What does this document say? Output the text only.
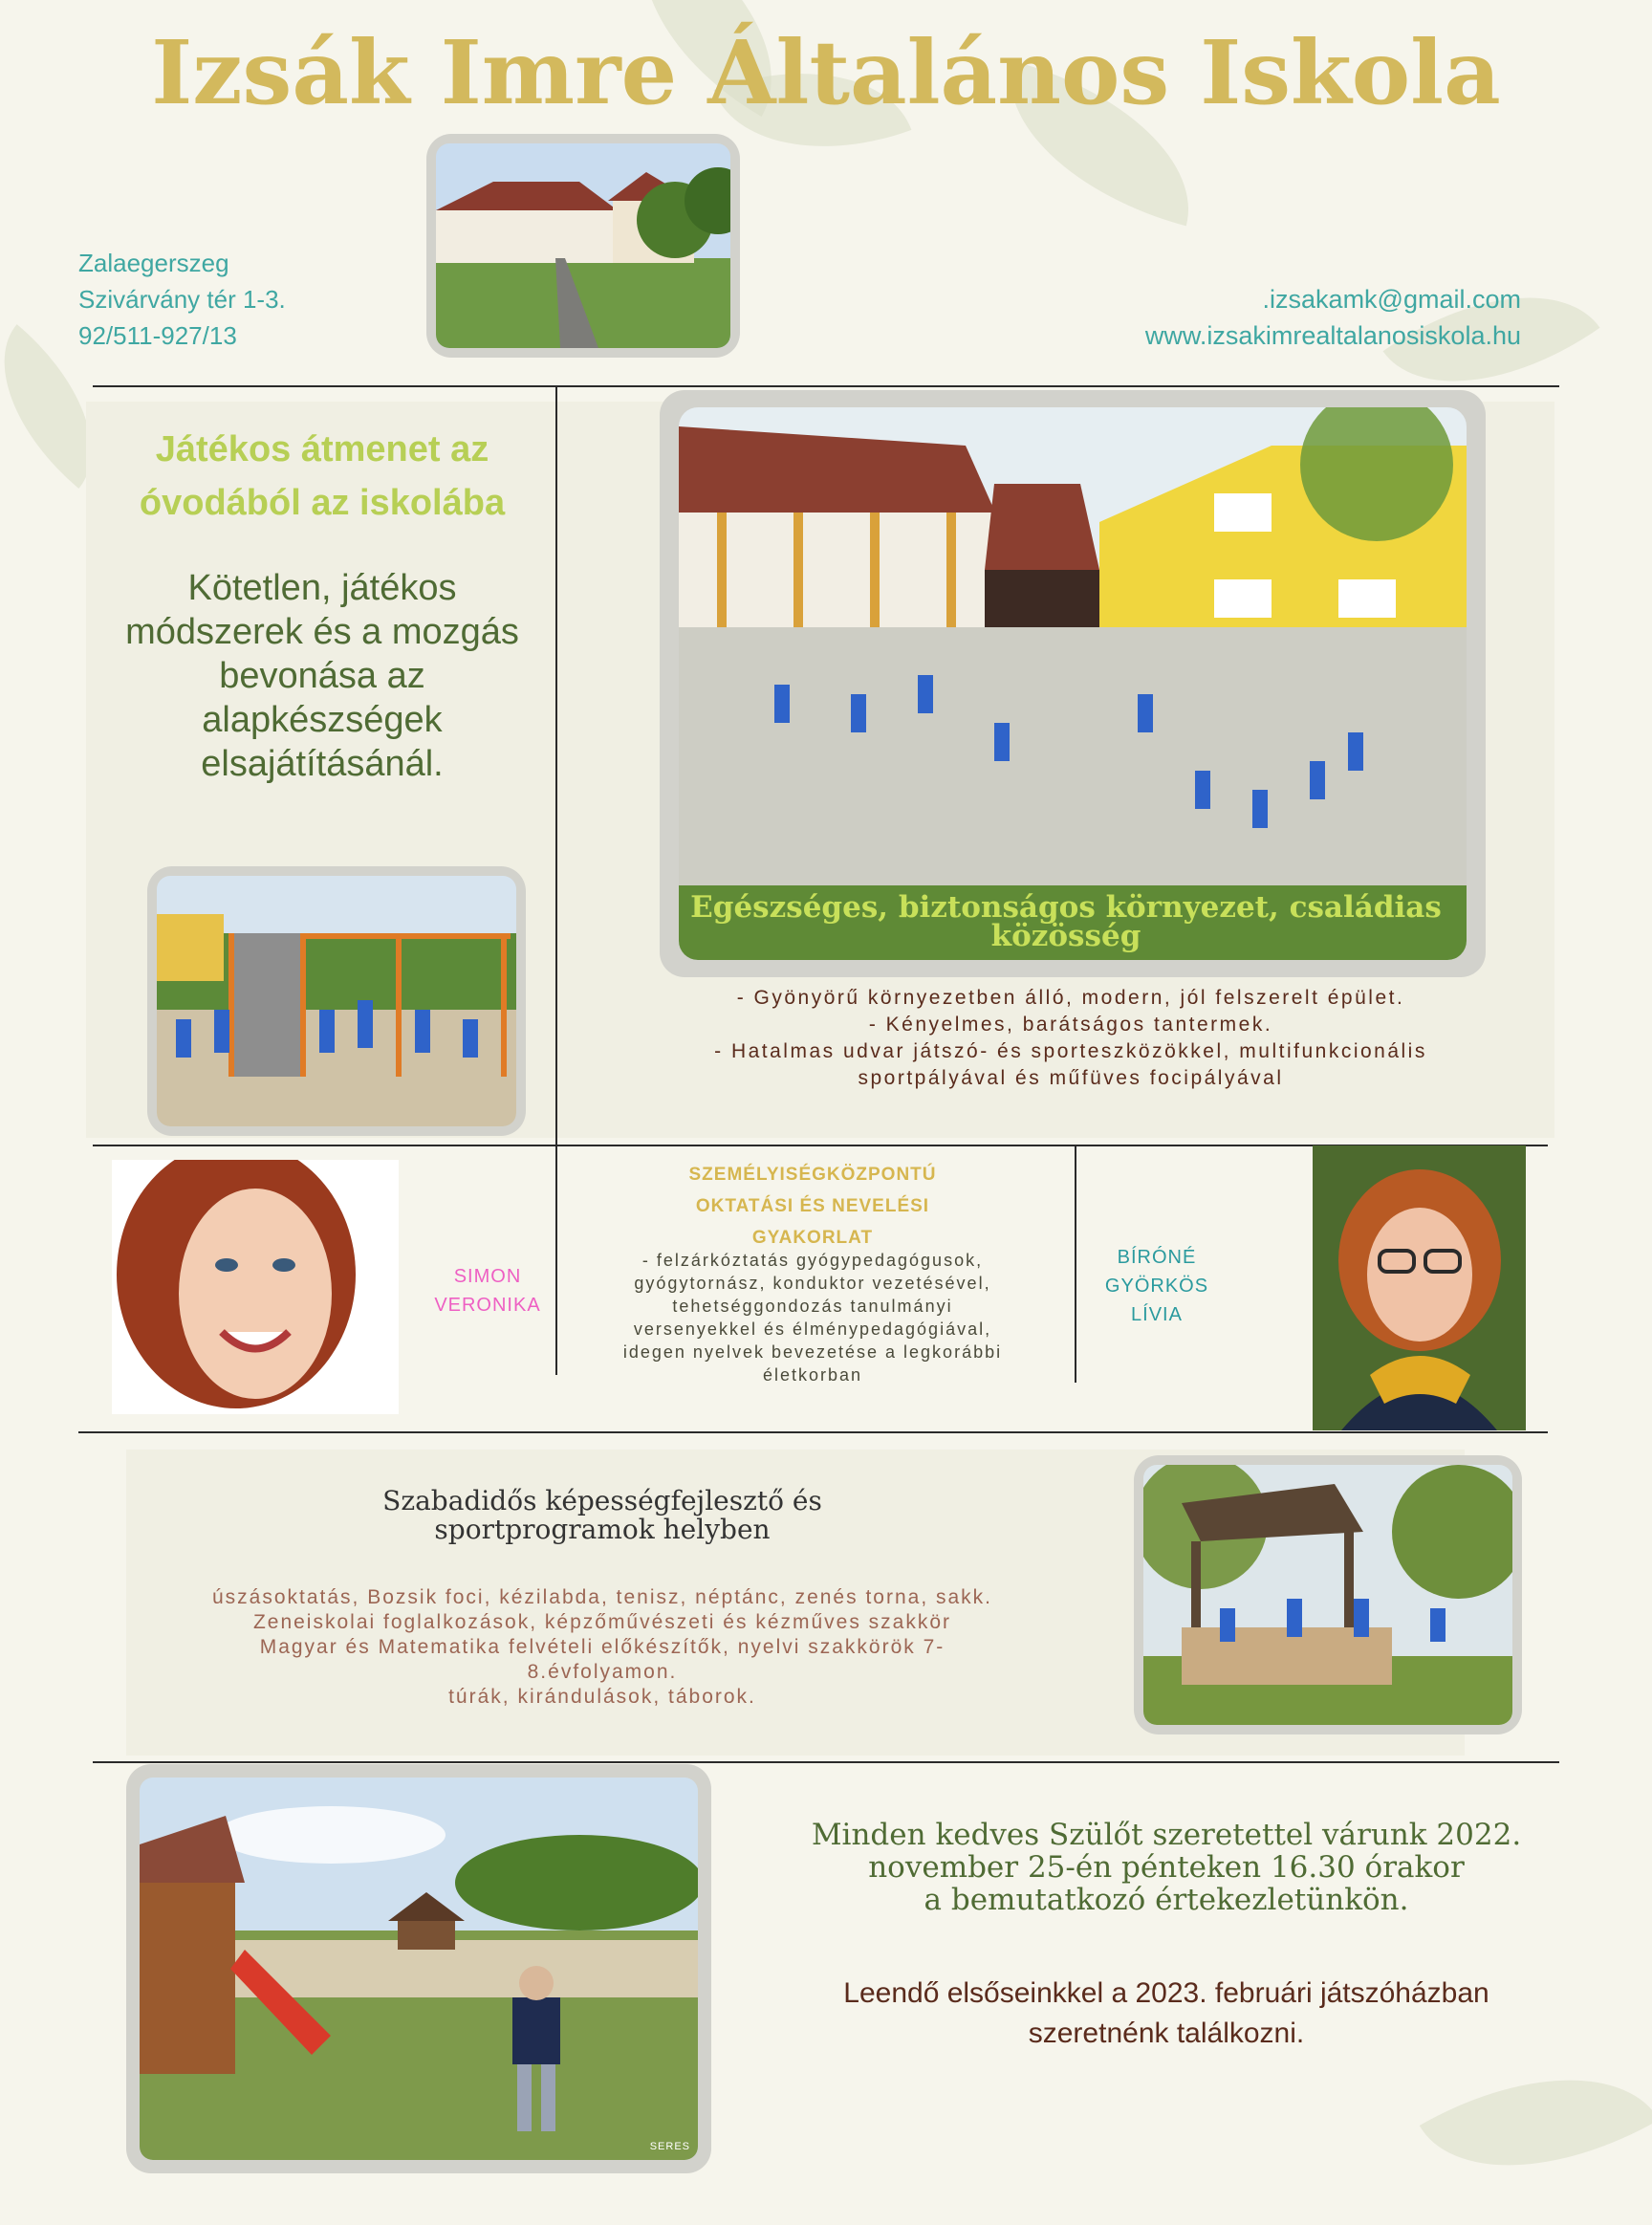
Izsák Imre Általános Iskola
Zalaegerszeg
Szivárvány tér 1-3.
92/511-927/13
.izsakamk@gmail.com
www.izsakimrealtalanosiskola.hu
Játékos átmenet az
óvodából az iskolába
Kötetlen, játékos
módszerek és a mozgás
bevonása az
alapkészségek
elsajátításánál.
Egészséges, biztonságos környezet, családias
közösség
- Gyönyörű környezetben álló, modern, jól felszerelt épület.
- Kényelmes, barátságos tantermek.
- Hatalmas udvar játszó- és sporteszközökkel, multifunkcionális
sportpályával és műfüves focipályával
SIMON
VERONIKA
SZEMÉLYISÉGKÖZPONTÚ
OKTATÁSI ÉS NEVELÉSI
GYAKORLAT
- felzárkóztatás gyógypedagógusok,
gyógytornász, konduktor vezetésével,
tehetséggondozás tanulmányi
versenyekkel és élménypedagógiával,
idegen nyelvek bevezetése a legkorábbi
életkorban
BÍRÓNÉ
GYÖRKÖS
LÍVIA
Szabadidős képességfejlesztő és
sportprogramok helyben
úszásoktatás, Bozsik foci, kézilabda, tenisz, néptánc, zenés torna, sakk.
Zeneiskolai foglalkozások, képzőművészeti és kézműves szakkör
Magyar és Matematika felvételi előkészítők, nyelvi szakkörök 7-
8.évfolyamon.
túrák, kirándulások, táborok.
SERES
Minden kedves Szülőt szeretettel várunk 2022.
november 25-én pénteken 16.30 órakor
a bemutatkozó értekezletünkön.
Leendő elsőseinkkel a 2023. februári játszóházban
szeretnénk találkozni.
